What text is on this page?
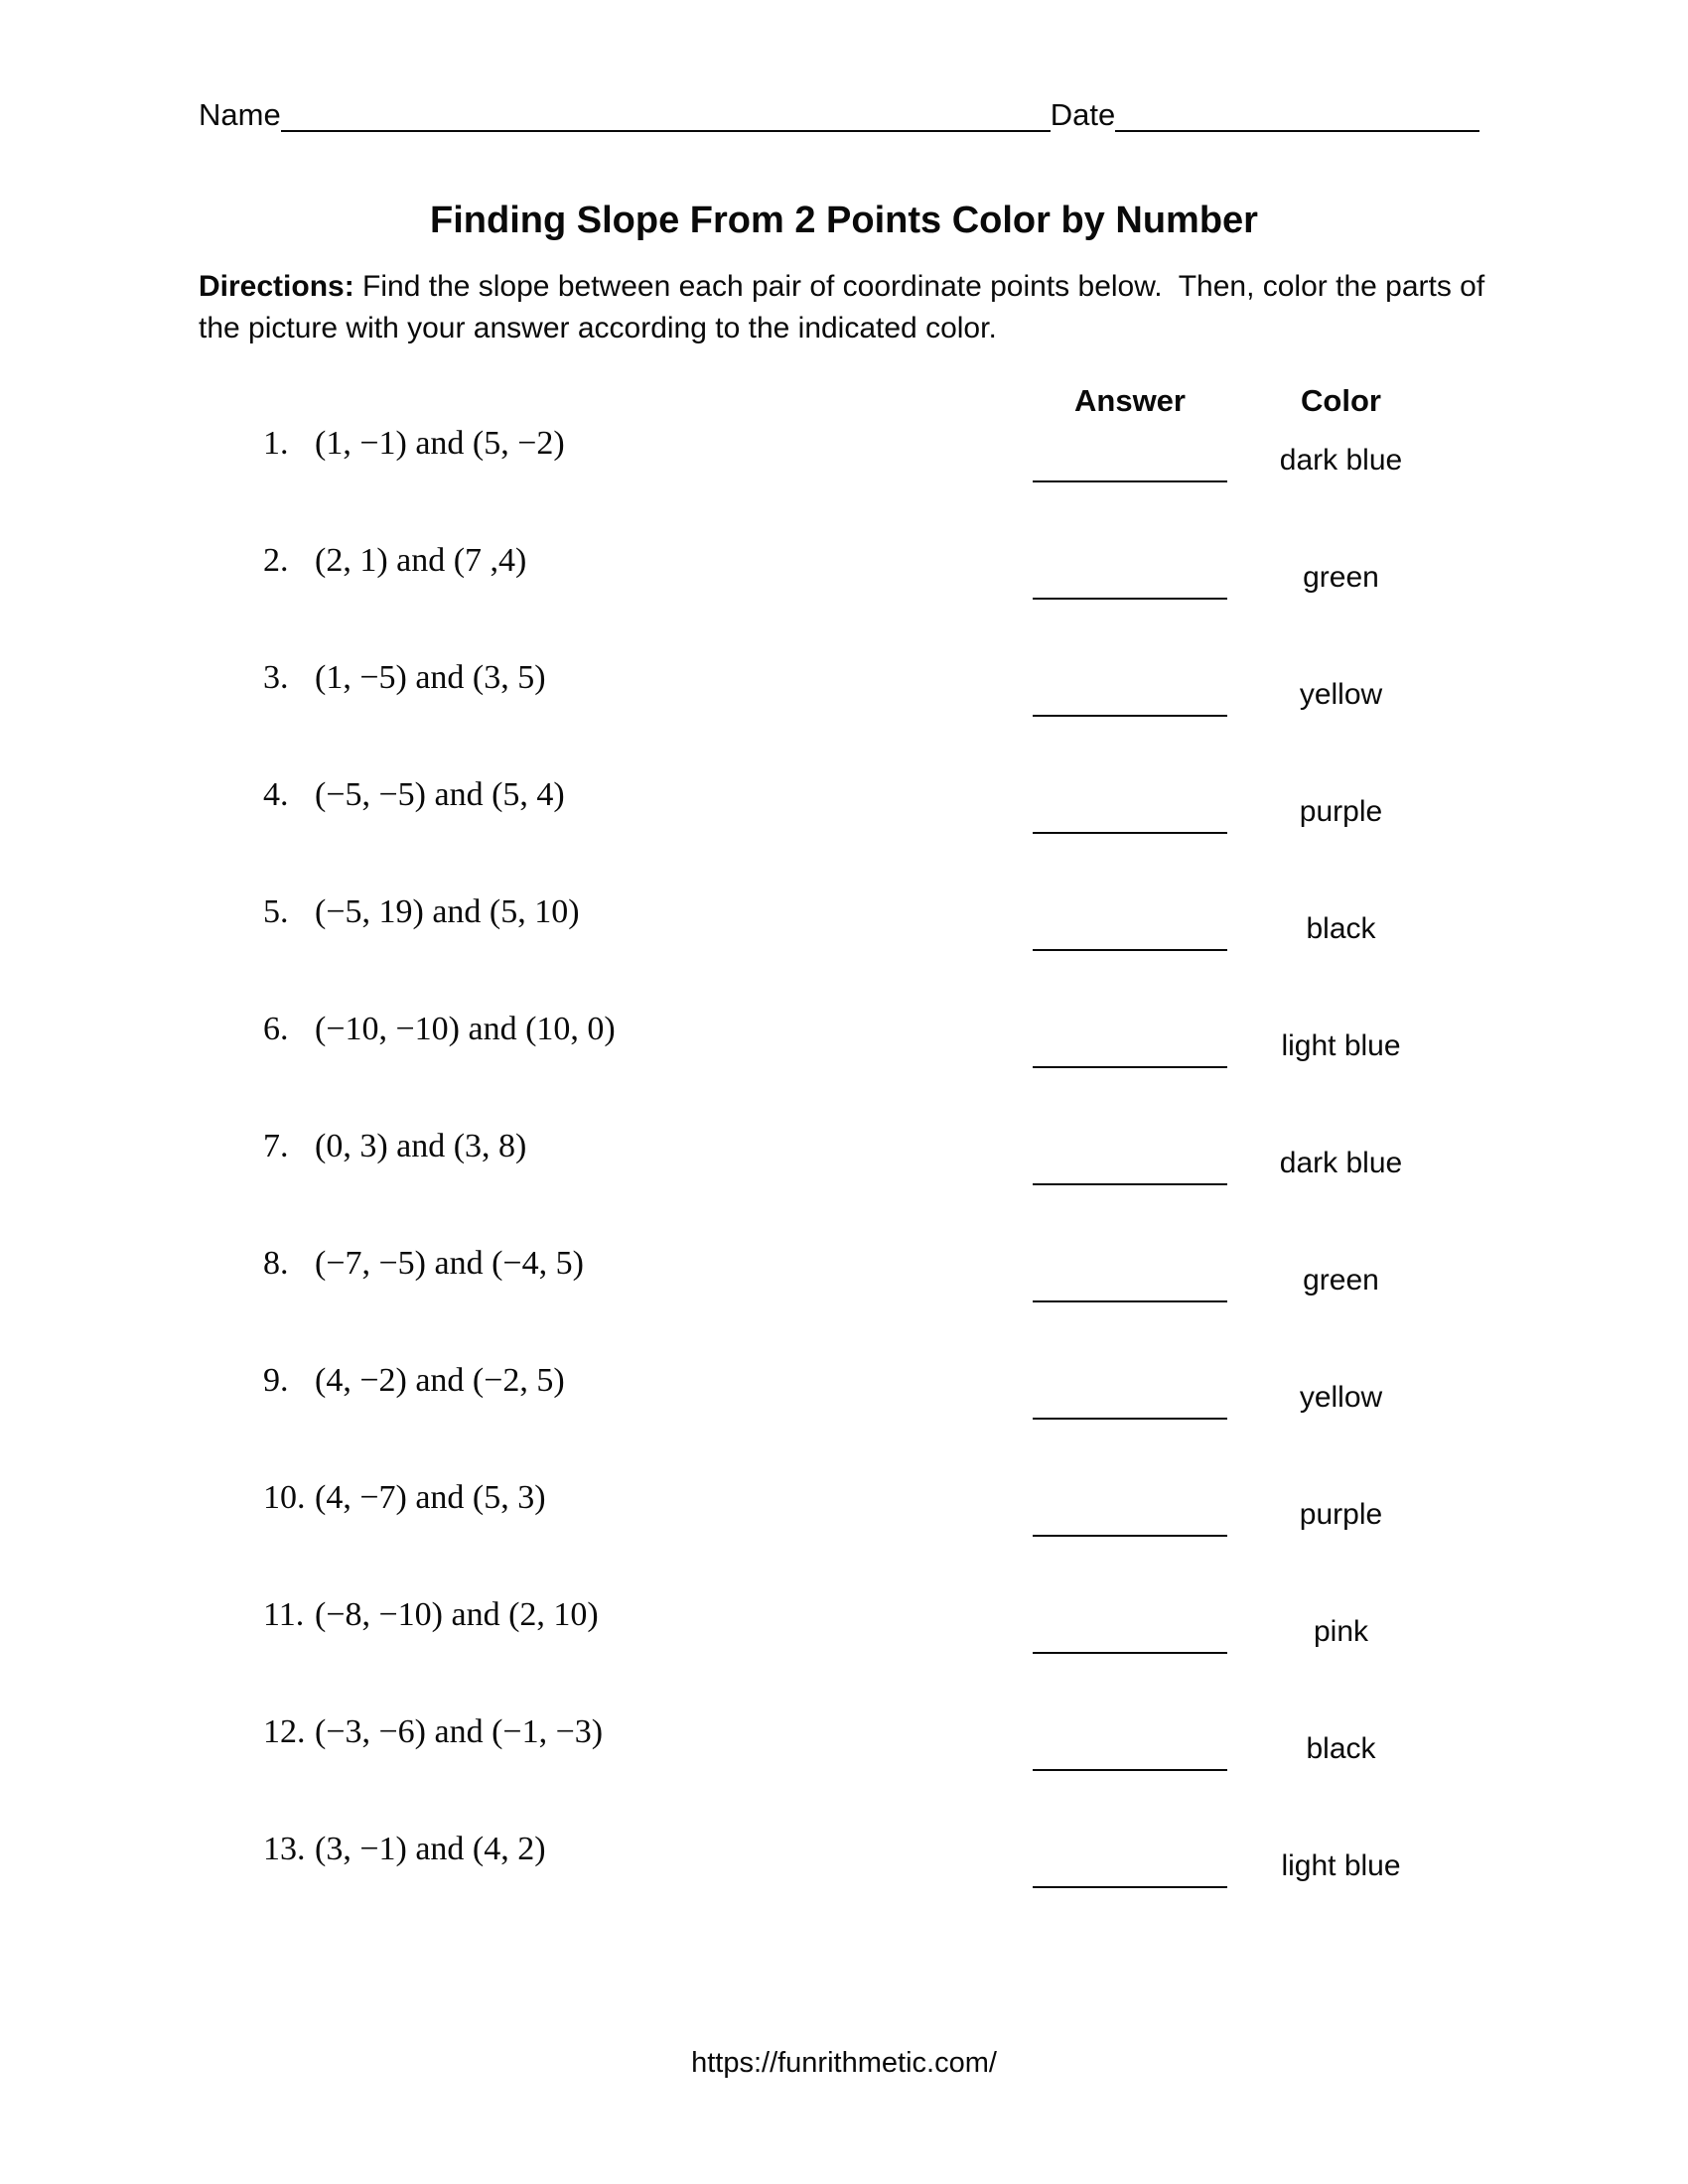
Name	Date
Finding Slope From 2 Points Color by Number
Directions: Find the slope between each pair of coordinate points below.  Then, color the parts of the picture with your answer according to the indicated color.
Answer	Color
1. (1, −1) and (5, −2)	dark blue
2. (2, 1) and (7 ,4)	green
3. (1, −5) and (3, 5)	yellow
4. (−5, −5) and (5, 4)	purple
5. (−5, 19) and (5, 10)	black
6. (−10, −10) and (10, 0)	light blue
7. (0, 3) and (3, 8)	dark blue
8. (−7, −5) and (−4, 5)	green
9. (4, −2) and (−2, 5)	yellow
10. (4, −7) and (5, 3)	purple
11. (−8, −10) and (2, 10)	pink
12. (−3, −6) and (−1, −3)	black
13. (3, −1) and (4, 2)	light blue
https://funrithmetic.com/
